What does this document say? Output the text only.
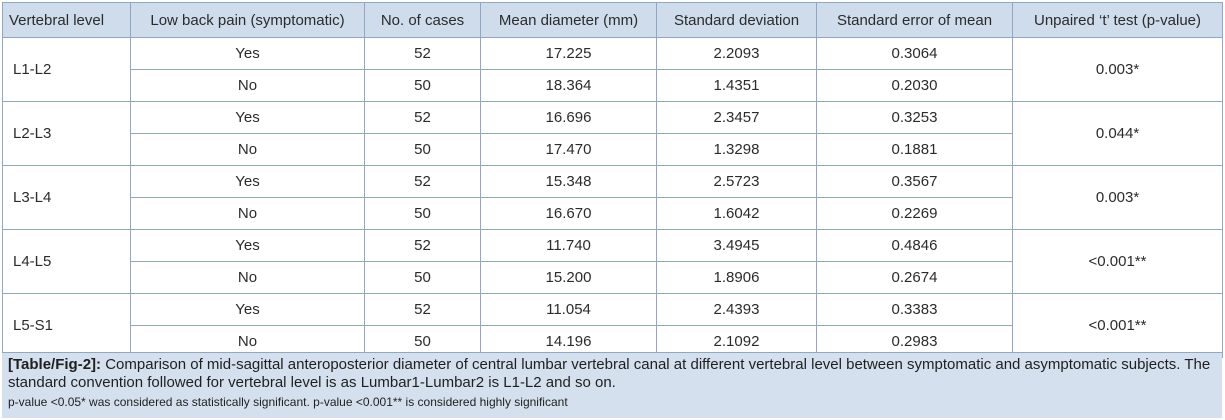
Vertebral level	Low back pain (symptomatic)	No. of cases	Mean diameter (mm)	Standard deviation	Standard error of mean	Unpaired ‘t’ test (p-value)
L1-L2	Yes	52	17.225	2.2093	0.3064	0.003*
	No	50	18.364	1.4351	0.2030	
L2-L3	Yes	52	16.696	2.3457	0.3253	0.044*
	No	50	17.470	1.3298	0.1881	
L3-L4	Yes	52	15.348	2.5723	0.3567	0.003*
	No	50	16.670	1.6042	0.2269	
L4-L5	Yes	52	11.740	3.4945	0.4846	<0.001**
	No	50	15.200	1.8906	0.2674	
L5-S1	Yes	52	11.054	2.4393	0.3383	<0.001**
	No	50	14.196	2.1092	0.2983	
[Table/Fig-2]: Comparison of mid-sagittal anteroposterior diameter of central lumbar vertebral canal at different vertebral level between symptomatic and asymptomatic subjects. The standard convention followed for vertebral level is as Lumbar1-Lumbar2 is L1-L2 and so on.
p-value <0.05* was considered as statistically significant. p-value <0.001** is considered highly significant
